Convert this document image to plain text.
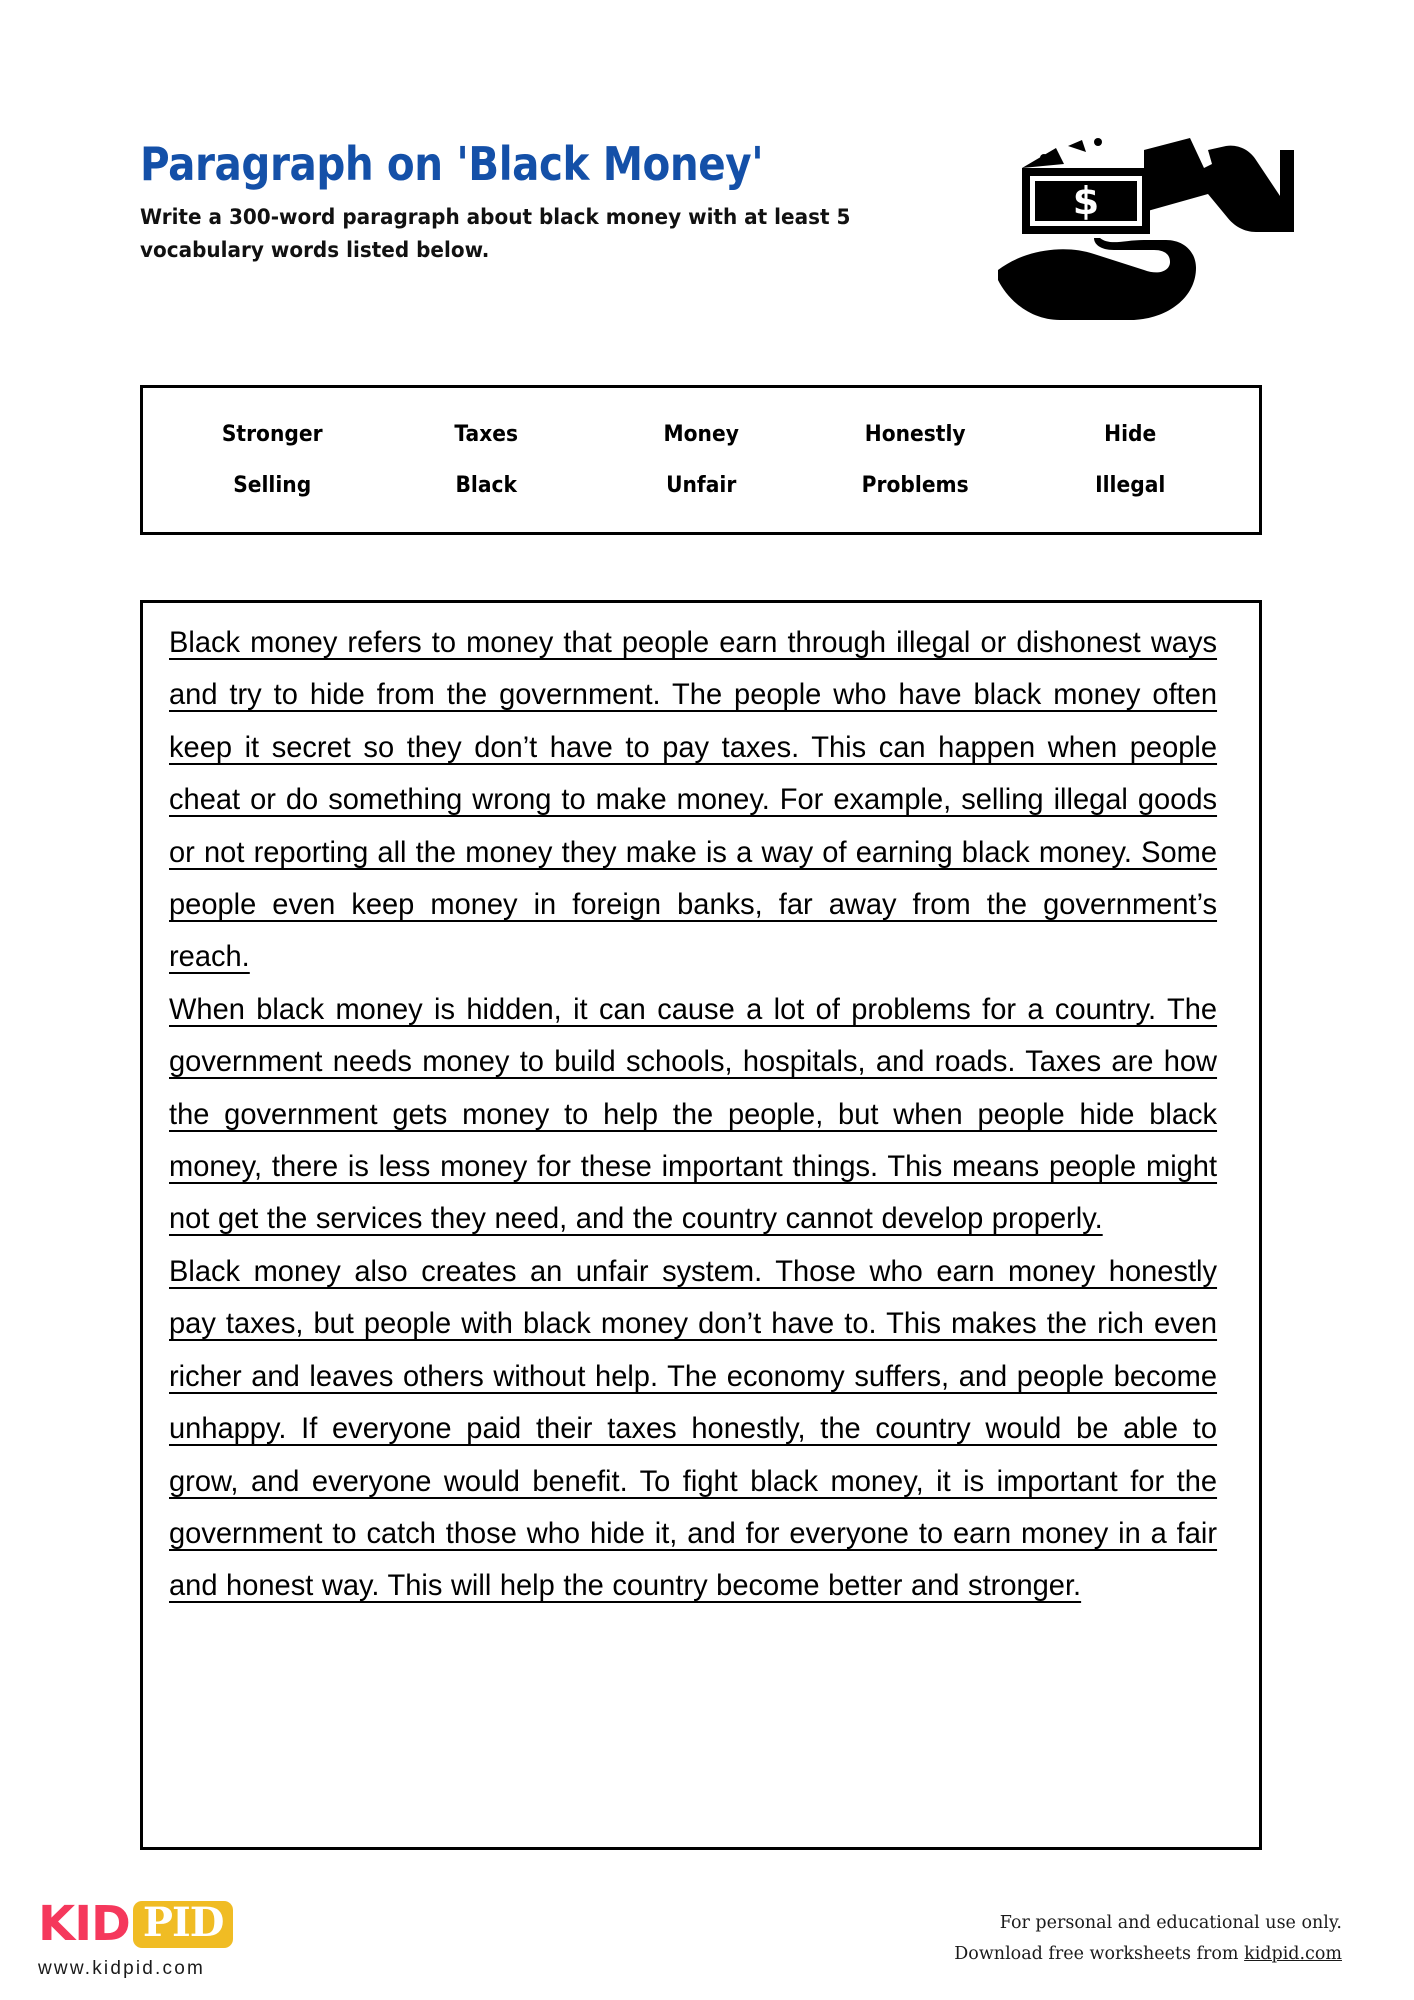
Paragraph on 'Black Money'

Write a 300-word paragraph about black money with at least 5 vocabulary words listed below.

$
Stronger	Taxes	Money	Honestly	Hide
Selling	Black	Unfair	Problems	Illegal

Black money refers to money that people earn through illegal or dishonest ways and try to hide from the government. The people who have black money often keep it secret so they don’t have to pay taxes. This can happen when people cheat or do something wrong to make money. For example, selling illegal goods or not reporting all the money they make is a way of earning black money. Some people even keep money in foreign banks, far away from the government’s reach.

When black money is hidden, it can cause a lot of problems for a country. The government needs money to build schools, hospitals, and roads. Taxes are how the government gets money to help the people, but when people hide black money, there is less money for these important things. This means people might not get the services they need, and the country cannot develop properly.

Black money also creates an unfair system. Those who earn money honestly pay taxes, but people with black money don’t have to. This makes the rich even richer and leaves others without help. The economy suffers, and people become unhappy. If everyone paid their taxes honestly, the country would be able to grow, and everyone would benefit. To fight black money, it is important for the government to catch those who hide it, and for everyone to earn money in a fair and honest way. This will help the country become better and stronger.

KID PID
www.kidpid.com
For personal and educational use only.
Download free worksheets from kidpid.com
